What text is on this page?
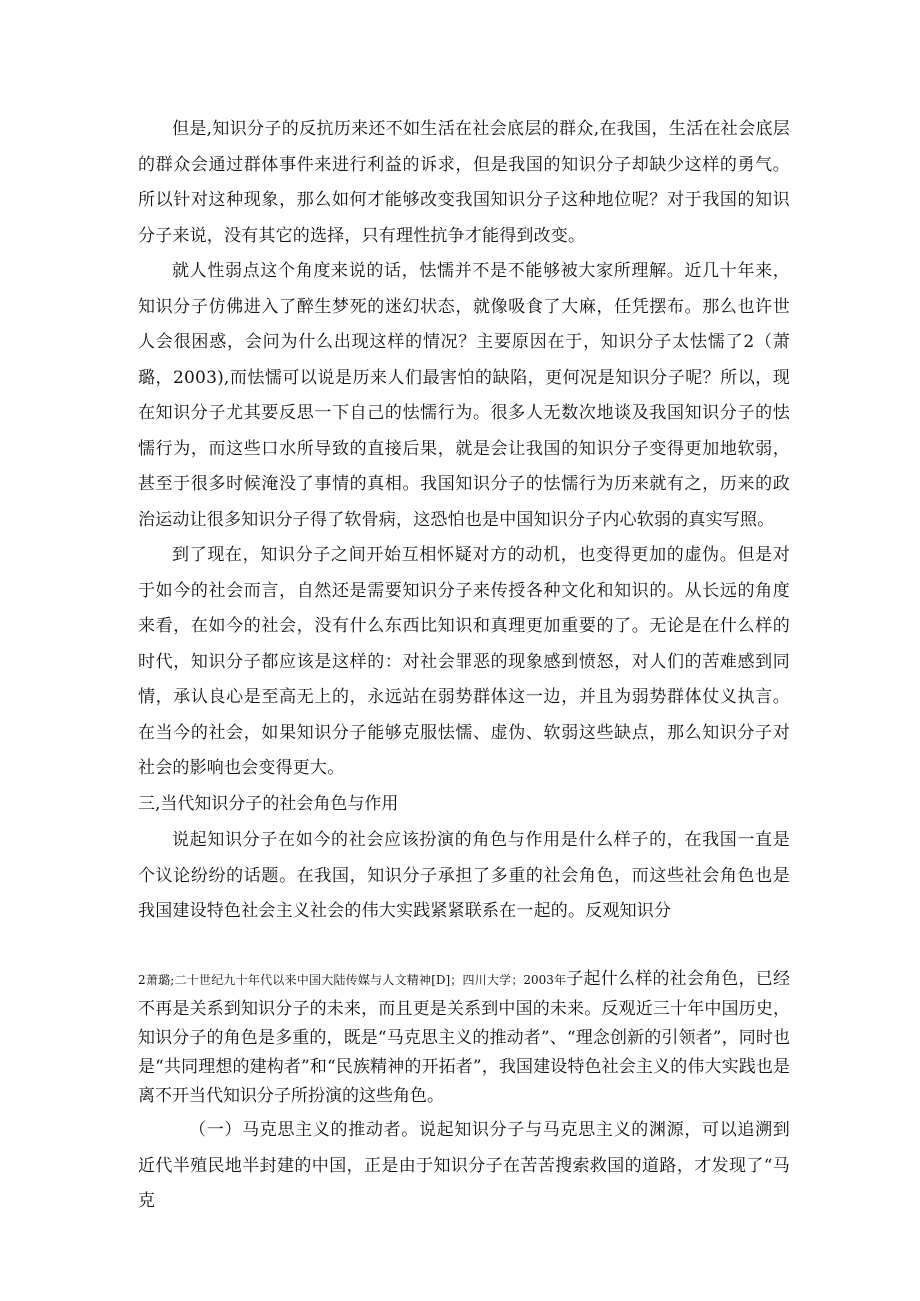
但是,知识分子的反抗历来还不如生活在社会底层的群众,在我国，生活在社会底层的群众会通过群体事件来进行利益的诉求，但是我国的知识分子却缺少这样的勇气。所以针对这种现象，那么如何才能够改变我国知识分子这种地位呢？对于我国的知识分子来说，没有其它的选择，只有理性抗争才能得到改变。

就人性弱点这个角度来说的话，怯懦并不是不能够被大家所理解。近几十年来，知识分子仿佛进入了醉生梦死的迷幻状态，就像吸食了大麻，任凭摆布。那么也许世人会很困惑，会问为什么出现这样的情况？主要原因在于，知识分子太怯懦了2（萧璐，2003),而怯懦可以说是历来人们最害怕的缺陷，更何况是知识分子呢？所以，现在知识分子尤其要反思一下自己的怯懦行为。很多人无数次地谈及我国知识分子的怯懦行为，而这些口水所导致的直接后果，就是会让我国的知识分子变得更加地软弱，甚至于很多时候淹没了事情的真相。我国知识分子的怯懦行为历来就有之，历来的政治运动让很多知识分子得了软骨病，这恐怕也是中国知识分子内心软弱的真实写照。

到了现在，知识分子之间开始互相怀疑对方的动机，也变得更加的虚伪。但是对于如今的社会而言，自然还是需要知识分子来传授各种文化和知识的。从长远的角度来看，在如今的社会，没有什么东西比知识和真理更加重要的了。无论是在什么样的时代，知识分子都应该是这样的：对社会罪恶的现象感到愤怒，对人们的苦难感到同情，承认良心是至高无上的，永远站在弱势群体这一边，并且为弱势群体仗义执言。在当今的社会，如果知识分子能够克服怯懦、虚伪、软弱这些缺点，那么知识分子对社会的影响也会变得更大。

三,当代知识分子的社会角色与作用

说起知识分子在如今的社会应该扮演的角色与作用是什么样子的，在我国一直是个议论纷纷的话题。在我国，知识分子承担了多重的社会角色，而这些社会角色也是我国建设特色社会主义社会的伟大实践紧紧联系在一起的。反观知识分

2萧璐;二十世纪九十年代以来中国大陆传媒与人文精神[D]；四川大学；2003年子起什么样的社会角色，已经不再是关系到知识分子的未来，而且更是关系到中国的未来。反观近三十年中国历史，知识分子的角色是多重的，既是“马克思主义的推动者”、“理念创新的引领者”，同时也是“共同理想的建构者”和“民族精神的开拓者”，我国建设特色社会主义的伟大实践也是离不开当代知识分子所扮演的这些角色。

（一）马克思主义的推动者。说起知识分子与马克思主义的渊源，可以追溯到近代半殖民地半封建的中国，正是由于知识分子在苦苦搜索救国的道路，才发现了“马克
